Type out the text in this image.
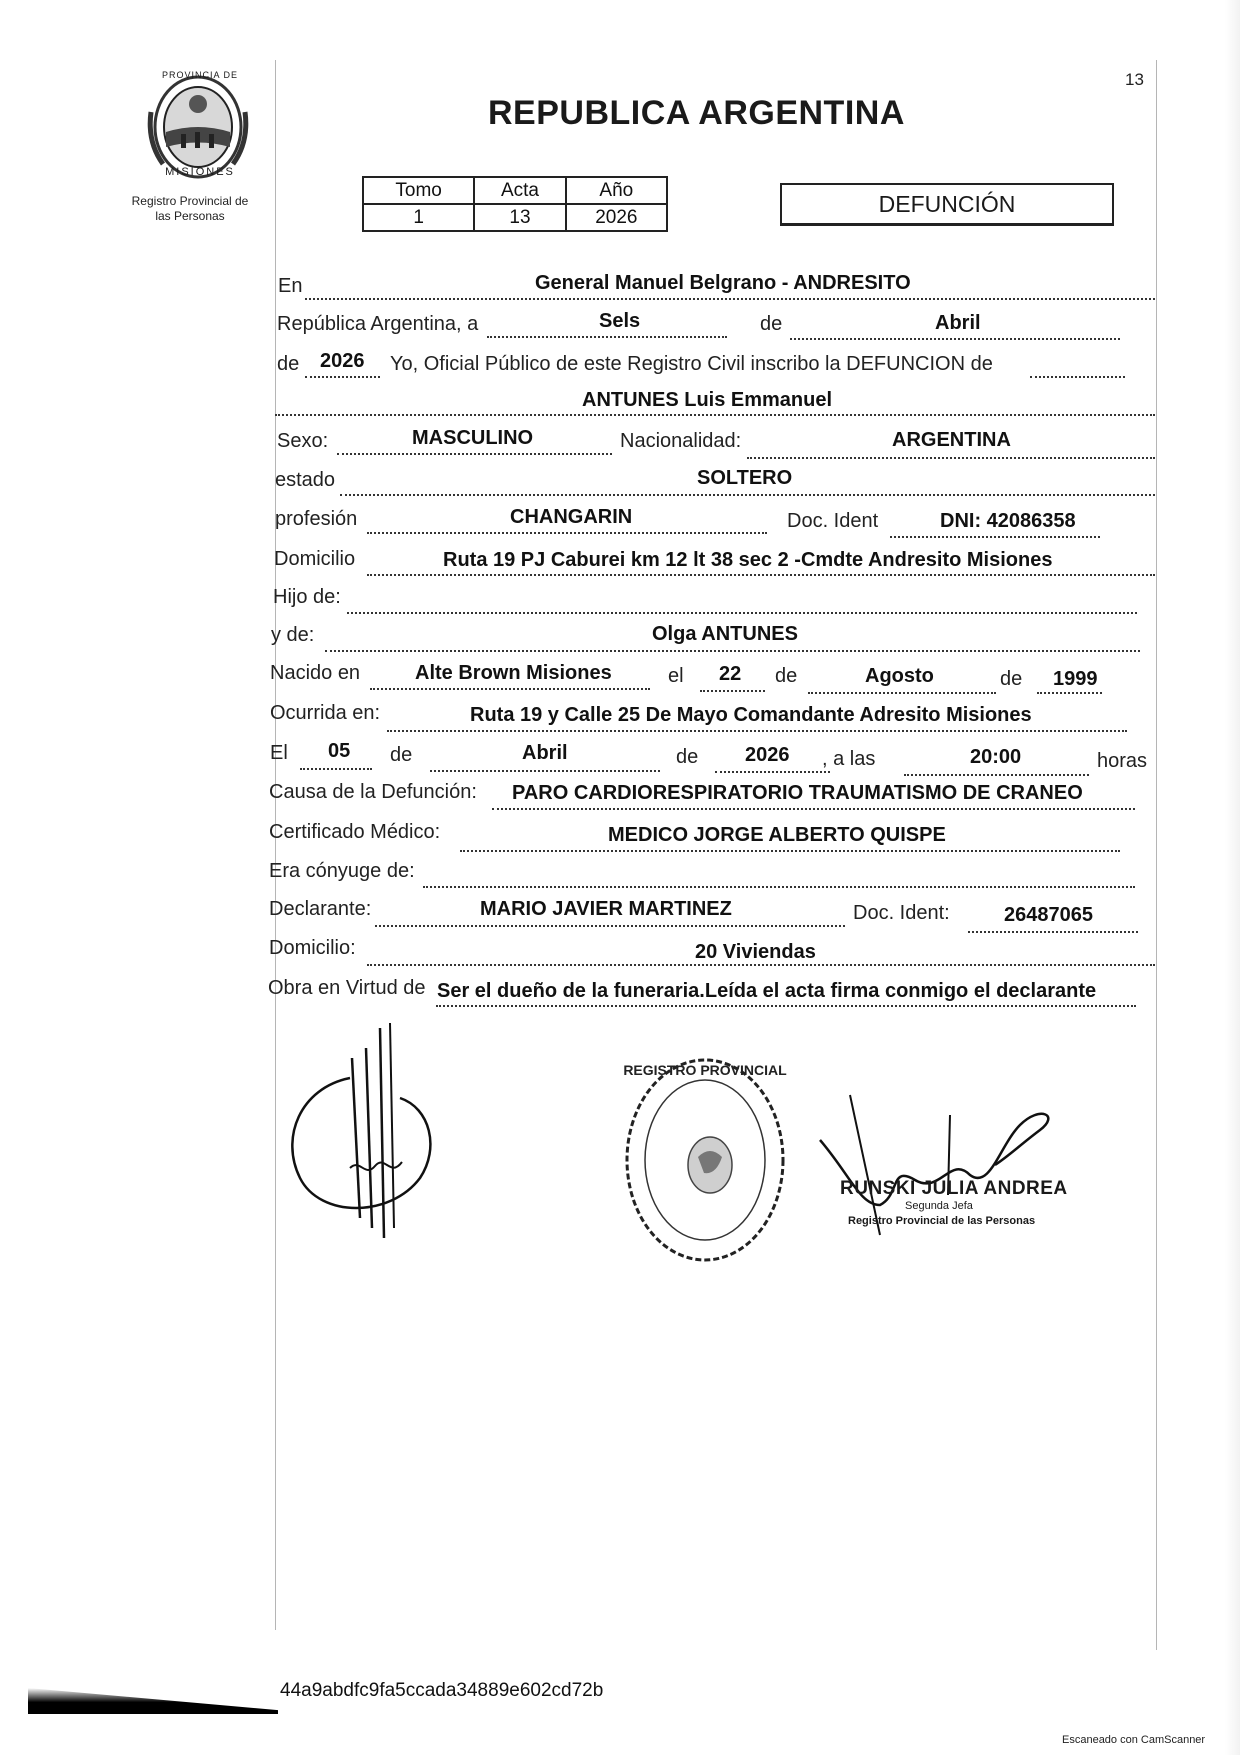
PROVINCIA DE
MISIONES
Registro Provincial de
las Personas
13
REPUBLICA ARGENTINA
Tomo	Acta	Año
1	13	2026	DEFUNCIÓN
En	General Manuel Belgrano - ANDRESITO
República Argentina, a	Sels	de	Abril
de 2026 Yo, Oficial Público de este Registro Civil inscribo la DEFUNCION de
ANTUNES Luis Emmanuel
Sexo:	MASCULINO	Nacionalidad:	ARGENTINA
estado	SOLTERO
profesión	CHANGARIN	Doc. Ident	DNI: 42086358
Domicilio	Ruta 19 PJ Caburei km 12 lt 38 sec 2 -Cmdte Andresito Misiones
Hijo de:
y de:	Olga ANTUNES
Nacido en	Alte Brown Misiones	el 22 de	Agosto	de 1999
Ocurrida en:	Ruta 19 y Calle 25 De Mayo Comandante Adresito Misiones
El 05 de	Abril	de 2026 , a las	20:00	horas
Causa de la Defunción: PARO CARDIORESPIRATORIO TRAUMATISMO DE CRANEO
Certificado Médico:	MEDICO JORGE ALBERTO QUISPE
Era cónyuge de:
Declarante:	MARIO JAVIER MARTINEZ	Doc. Ident:	26487065
Domicilio:	20 Viviendas
Obra en Virtud de Ser el dueño de la funeraria.Leída el acta firma conmigo el declarante
REGISTRO PROVINCIAL
RUNSKI JULIA ANDREA
Segunda Jefa
Registro Provincial de las Personas
44a9abdfc9fa5ccada34889e602cd72b
Escaneado con CamScanner
